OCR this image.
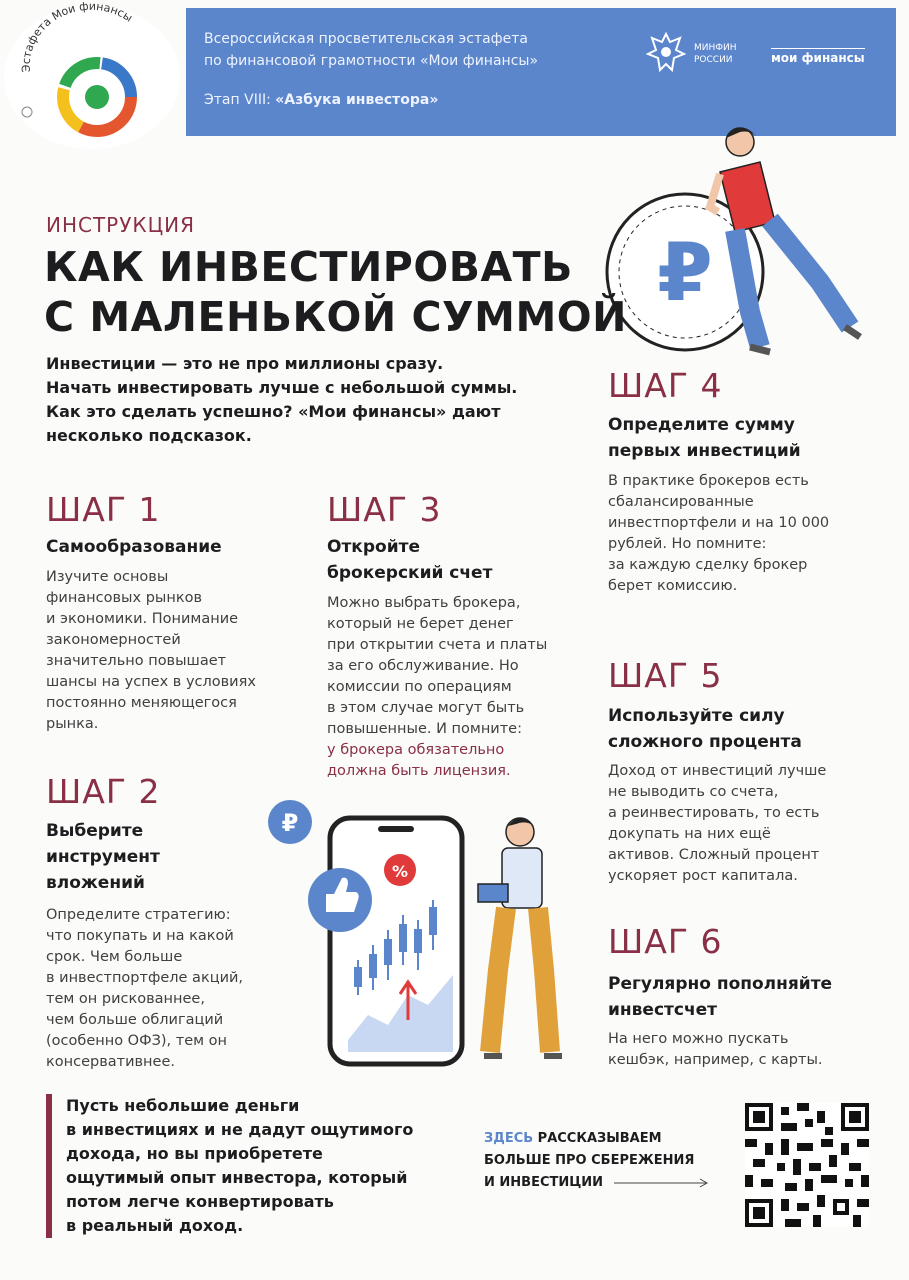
Эстафета Мои финансы
Всероссийская просветительская эстафета
по финансовой грамотности «Мои финансы»
Этап VIII: «Азбука инвестора»
МИНФИН
РОССИИ	мои финансы
₽
ИНСТРУКЦИЯ
КАК ИНВЕСТИРОВАТЬ
С МАЛЕНЬКОЙ СУММОЙ
Инвестиции — это не про миллионы сразу.
Начать инвестировать лучше с небольшой суммы.
Как это сделать успешно? «Мои финансы» дают
несколько подсказок.
ШАГ 1
Самообразование
Изучите основы
финансовых рынков
и экономики. Понимание
закономерностей
значительно повышает
шансы на успех в условиях
постоянно меняющегося
рынка.
ШАГ 2
Выберите
инструмент
вложений
Определите стратегию:
что покупать и на какой
срок. Чем больше
в инвестпортфеле акций,
тем он рискованнее,
чем больше облигаций
(особенно ОФЗ), тем он
консервативнее.
ШАГ 3
Откройте
брокерский счет
Можно выбрать брокера,
который не берет денег
при открытии счета и платы
за его обслуживание. Но
комиссии по операциям
в этом случае могут быть
повышенные. И помните:
у брокера обязательно
должна быть лицензия.
ШАГ 4
Определите сумму
первых инвестиций
В практике брокеров есть
сбалансированные
инвестпортфели и на 10 000
рублей. Но помните:
за каждую сделку брокер
берет комиссию.
ШАГ 5
Используйте силу
сложного процента
Доход от инвестиций лучше
не выводить со счета,
а реинвестировать, то есть
докупать на них ещё
активов. Сложный процент
ускоряет рост капитала.
ШАГ 6
Регулярно пополняйте
инвестсчет
На него можно пускать
кешбэк, например, с карты.
₽
%
Пусть небольшие деньги
в инвестициях и не дадут ощутимого
дохода, но вы приобретете
ощутимый опыт инвестора, который
потом легче конвертировать
в реальный доход.
ЗДЕСЬ РАССКАЗЫВАЕМ
БОЛЬШЕ ПРО СБЕРЕЖЕНИЯ
И ИНВЕСТИЦИИ
